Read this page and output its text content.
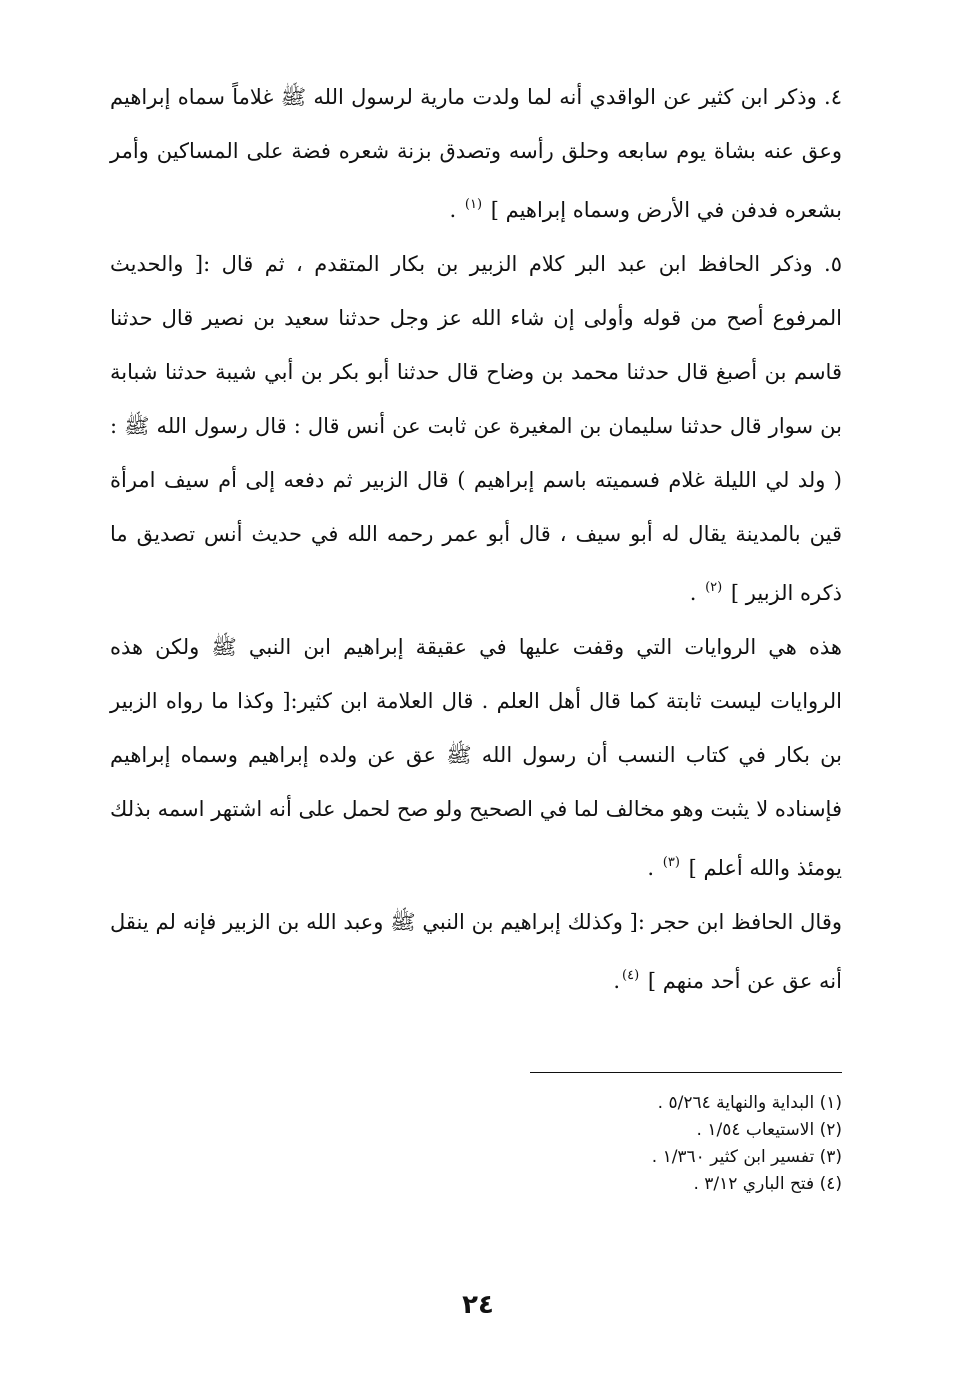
٤. وذكر ابن كثير عن الواقدي أنه لما ولدت مارية لرسول الله ﷺ غلاماً سماه إبراهيم وعق عنه بشاة يوم سابعه وحلق رأسه وتصدق بزنة شعره فضة على المساكين وأمر بشعره فدفن في الأرض وسماه إبراهيم ] $^{(١)}$ .

٥. وذكر الحافظ ابن عبد البر كلام الزبير بن بكار المتقدم ، ثم قال :[ والحديث المرفوع أصح من قوله وأولى إن شاء الله عز وجل حدثنا سعيد بن نصير قال حدثنا قاسم بن أصبغ قال حدثنا محمد بن وضاح قال حدثنا أبو بكر بن أبي شيبة حدثنا شبابة بن سوار قال حدثنا سليمان بن المغيرة عن ثابت عن أنس قال : قال رسول الله ﷺ :( ولد لي الليلة غلام فسميته باسم إبراهيم ) قال الزبير ثم دفعه إلى أم سيف امرأة قين بالمدينة يقال له أبو سيف ، قال أبو عمر رحمه الله في حديث أنس تصديق ما ذكره الزبير ] $^{(٢)}$ .

هذه هي الروايات التي وقفت عليها في عقيقة إبراهيم ابن النبي ﷺ ولكن هذه الروايات ليست ثابتة كما قال أهل العلم . قال العلامة ابن كثير:[ وكذا ما رواه الزبير بن بكار في كتاب النسب أن رسول الله ﷺ عق عن ولده إبراهيم وسماه إبراهيم فإسناده لا يثبت وهو مخالف لما في الصحيح ولو صح لحمل على أنه اشتهر اسمه بذلك يومئذ والله أعلم ] $^{(٣)}$ .

وقال الحافظ ابن حجر :[ وكذلك إبراهيم بن النبي ﷺ وعبد الله بن الزبير فإنه لم ينقل أنه عق عن أحد منهم ] $^{(٤)}$.

(١) البداية والنهاية ٥/٢٦٤ .

(٢) الاستيعاب ١/٥٤ .

(٣) تفسير ابن كثير ١/٣٦٠ .

(٤) فتح الباري ٣/١٢ .

٢٤
